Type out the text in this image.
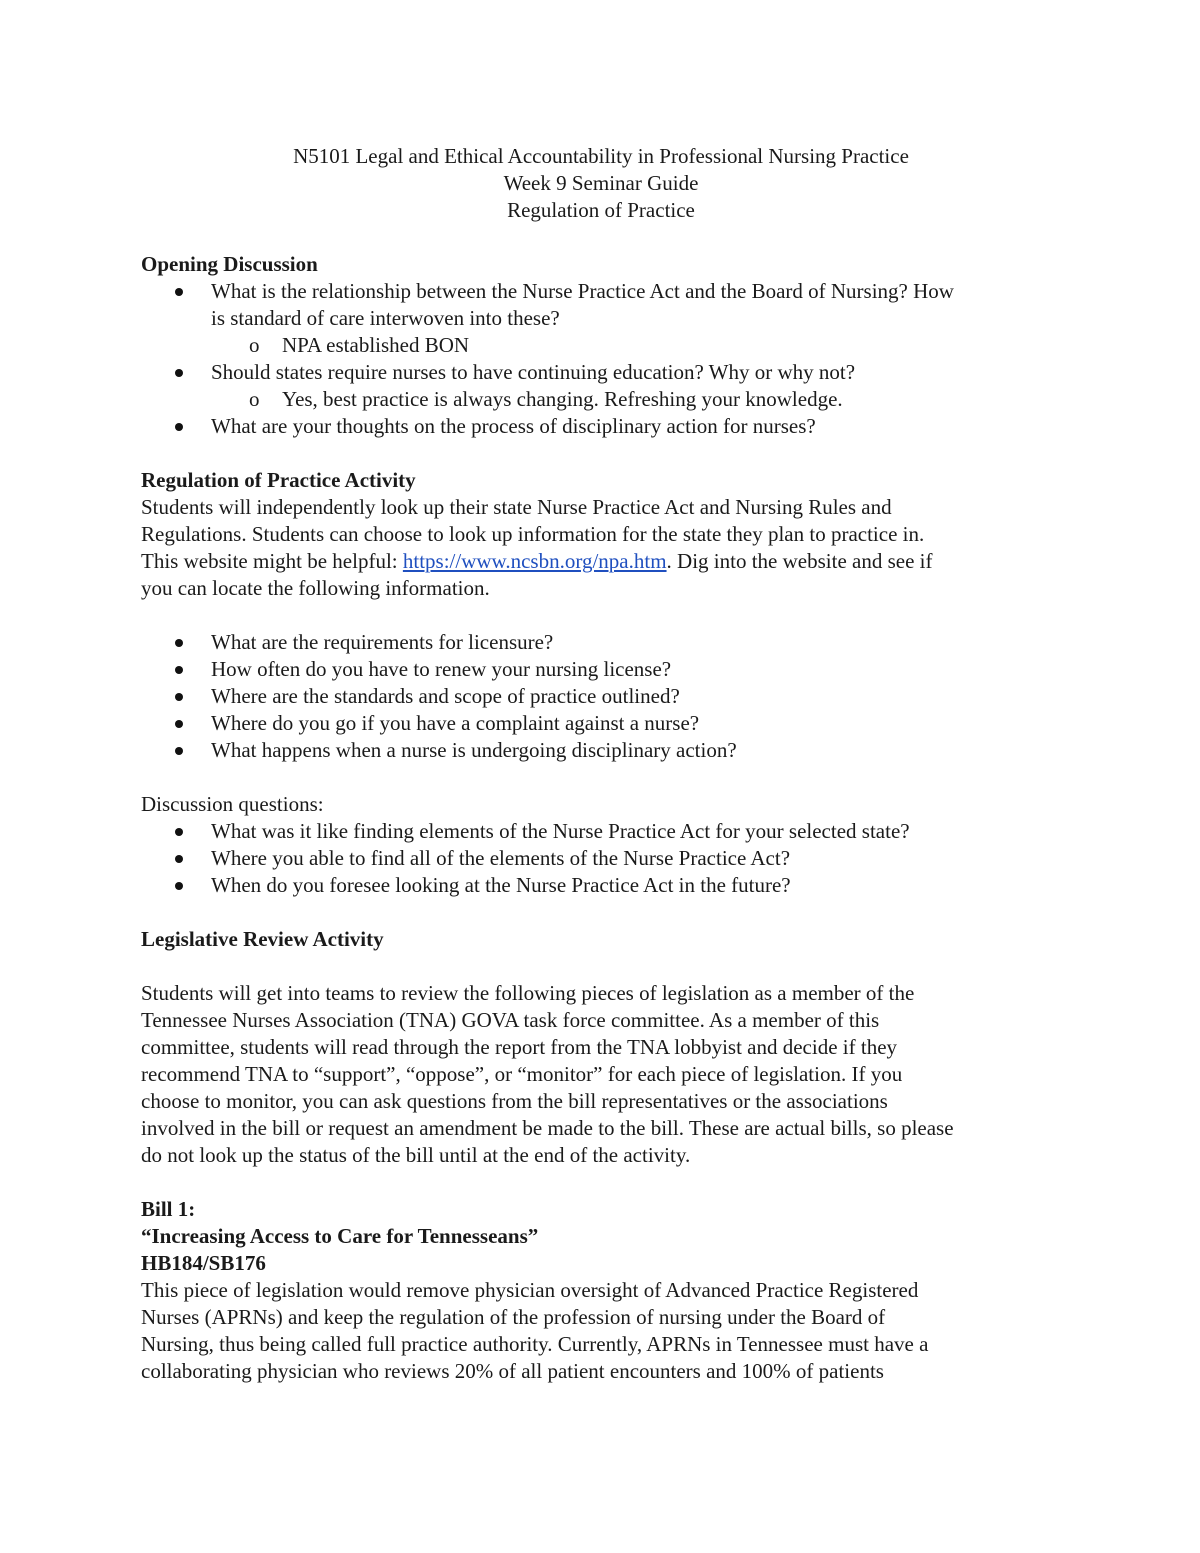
N5101 Legal and Ethical Accountability in Professional Nursing Practice
Week 9 Seminar Guide
Regulation of Practice
Opening Discussion
What is the relationship between the Nurse Practice Act and the Board of Nursing? How
is standard of care interwoven into these?
o NPA established BON
Should states require nurses to have continuing education? Why or why not?
o Yes, best practice is always changing. Refreshing your knowledge.
What are your thoughts on the process of disciplinary action for nurses?
Regulation of Practice Activity

Students will independently look up their state Nurse Practice Act and Nursing Rules and
Regulations. Students can choose to look up information for the state they plan to practice in.
This website might be helpful: https://www.ncsbn.org/npa.htm. Dig into the website and see if
you can locate the following information.

What are the requirements for licensure?
How often do you have to renew your nursing license?
Where are the standards and scope of practice outlined?
Where do you go if you have a complaint against a nurse?
What happens when a nurse is undergoing disciplinary action?

Discussion questions:

What was it like finding elements of the Nurse Practice Act for your selected state?
Where you able to find all of the elements of the Nurse Practice Act?
When do you foresee looking at the Nurse Practice Act in the future?
Legislative Review Activity

Students will get into teams to review the following pieces of legislation as a member of the
Tennessee Nurses Association (TNA) GOVA task force committee. As a member of this
committee, students will read through the report from the TNA lobbyist and decide if they
recommend TNA to “support”, “oppose”, or “monitor” for each piece of legislation. If you
choose to monitor, you can ask questions from the bill representatives or the associations
involved in the bill or request an amendment be made to the bill. These are actual bills, so please
do not look up the status of the bill until at the end of the activity.

Bill 1:
“Increasing Access to Care for Tennesseans”
HB184/SB176

This piece of legislation would remove physician oversight of Advanced Practice Registered
Nurses (APRNs) and keep the regulation of the profession of nursing under the Board of
Nursing, thus being called full practice authority. Currently, APRNs in Tennessee must have a
collaborating physician who reviews 20% of all patient encounters and 100% of patients
